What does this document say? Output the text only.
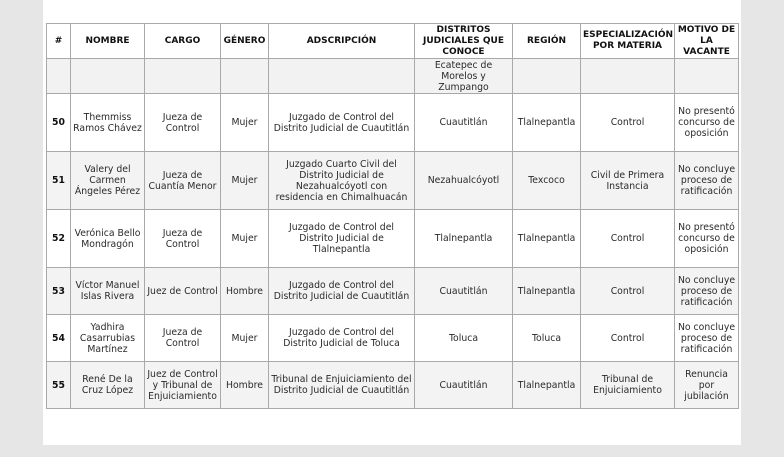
#	NOMBRE	CARGO	GÉNERO	ADSCRIPCIÓN	DISTRITOS JUDICIALES QUE CONOCE	REGIÓN	ESPECIALIZACIÓN POR MATERIA	MOTIVO DE LA VACANTE
					Ecatepec de Morelos y Zumpango			
50	Themmiss Ramos Chávez	Jueza de Control	Mujer	Juzgado de Control del Distrito Judicial de Cuautitlán	Cuautitlán	Tlalnepantla	Control	No presentó concurso de oposición
51	Valery del Carmen Ángeles Pérez	Jueza de Cuantía Menor	Mujer	Juzgado Cuarto Civil del Distrito Judicial de Nezahualcóyotl con residencia en Chimalhuacán	Nezahualcóyotl	Texcoco	Civil de Primera Instancia	No concluye proceso de ratificación
52	Verónica Bello Mondragón	Jueza de Control	Mujer	Juzgado de Control del Distrito Judicial de Tlalnepantla	Tlalnepantla	Tlalnepantla	Control	No presentó concurso de oposición
53	Víctor Manuel Islas Rivera	Juez de Control	Hombre	Juzgado de Control del Distrito Judicial de Cuautitlán	Cuautitlán	Tlalnepantla	Control	No concluye proceso de ratificación
54	Yadhira Casarrubias Martínez	Jueza de Control	Mujer	Juzgado de Control del Distrito Judicial de Toluca	Toluca	Toluca	Control	No concluye proceso de ratificación
55	René De la Cruz López	Juez de Control y Tribunal de Enjuiciamiento	Hombre	Tribunal de Enjuiciamiento del Distrito Judicial de Cuautitlán	Cuautitlán	Tlalnepantla	Tribunal de Enjuiciamiento	Renuncia por jubilación
